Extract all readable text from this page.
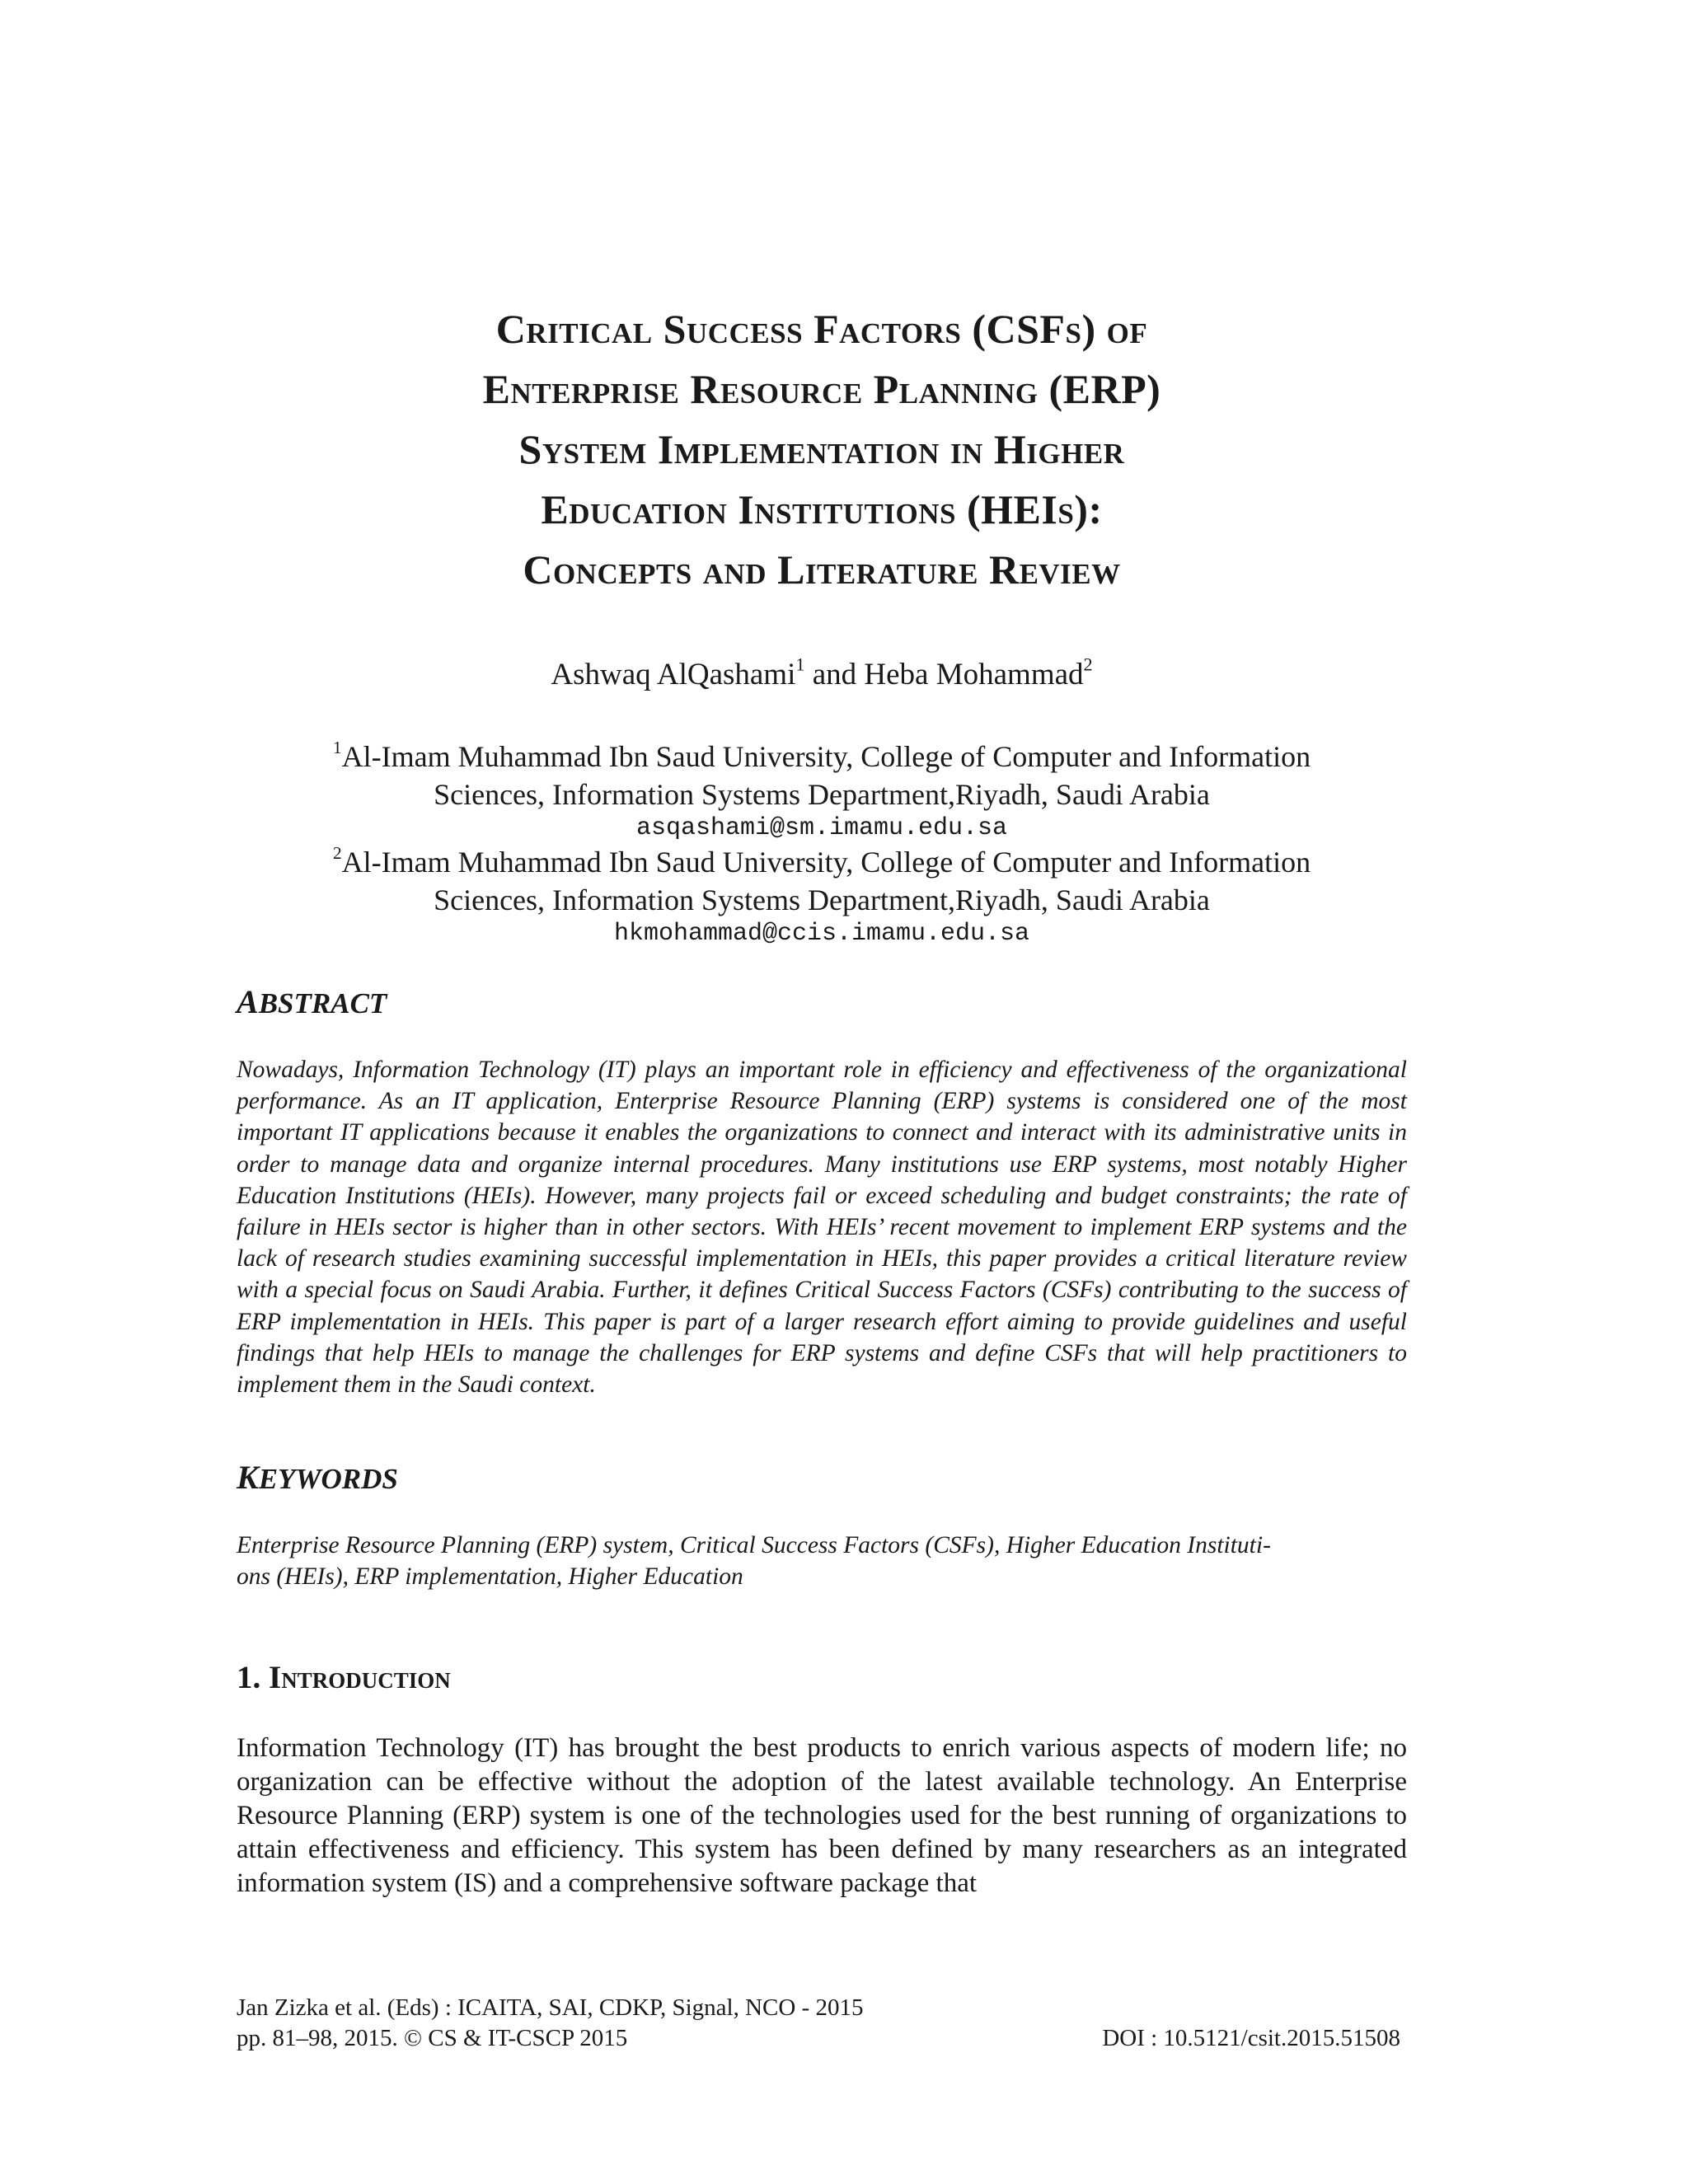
Critical Success Factors (CSFs) of
Enterprise Resource Planning (ERP)
System Implementation in Higher
Education Institutions (HEIs):
Concepts and Literature Review
Ashwaq AlQashami$^1$ and Heba Mohammad$^2$
$^1$Al-Imam Muhammad Ibn Saud University, College of Computer and Information
Sciences, Information Systems Department,Riyadh, Saudi Arabia
asqashami@sm.imamu.edu.sa
$^2$Al-Imam Muhammad Ibn Saud University, College of Computer and Information
Sciences, Information Systems Department,Riyadh, Saudi Arabia
hkmohammad@ccis.imamu.edu.sa
ABSTRACT
Nowadays, Information Technology (IT) plays an important role in efficiency and effectiveness of the organizational performance. As an IT application, Enterprise Resource Planning (ERP) systems is considered one of the most important IT applications because it enables the organizations to connect and interact with its administrative units in order to manage data and organize internal procedures. Many institutions use ERP systems, most notably Higher Education Institutions (HEIs). However, many projects fail or exceed scheduling and budget constraints; the rate of failure in HEIs sector is higher than in other sectors. With HEIs’ recent movement to implement ERP systems and the lack of research studies examining successful implementation in HEIs, this paper provides a critical literature review with a special focus on Saudi Arabia. Further, it defines Critical Success Factors (CSFs) contributing to the success of ERP implementation in HEIs. This paper is part of a larger research effort aiming to provide guidelines and useful findings that help HEIs to manage the challenges for ERP systems and define CSFs that will help practitioners to implement them in the Saudi context.
KEYWORDS
Enterprise Resource Planning (ERP) system, Critical Success Factors (CSFs), Higher Education Instituti-
ons (HEIs), ERP implementation, Higher Education
1. Introduction
Information Technology (IT) has brought the best products to enrich various aspects of modern life; no organization can be effective without the adoption of the latest available technology. An Enterprise Resource Planning (ERP) system is one of the technologies used for the best running of organizations to attain effectiveness and efficiency. This system has been defined by many researchers as an integrated information system (IS) and a comprehensive software package that
Jan Zizka et al. (Eds) : ICAITA, SAI, CDKP, Signal, NCO - 2015
pp. 81–98, 2015. © CS & IT-CSCP 2015	DOI : 10.5121/csit.2015.51508
